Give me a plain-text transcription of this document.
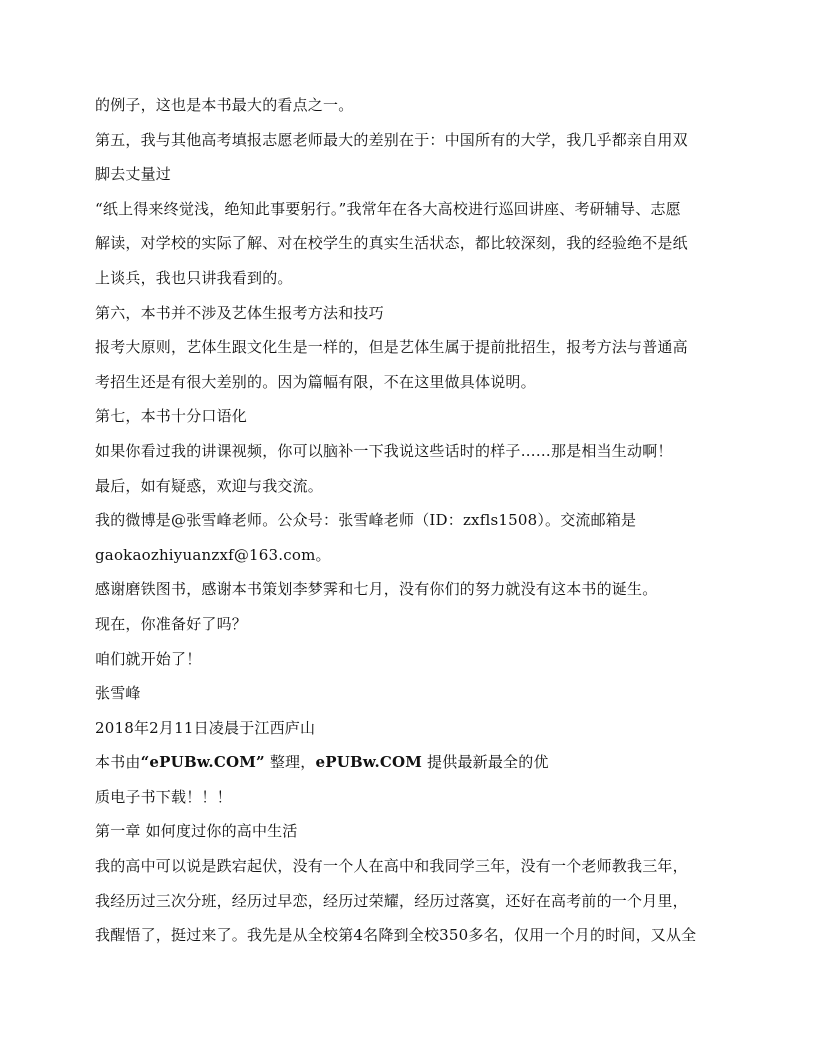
的例子，这也是本书最大的看点之一。
第五，我与其他高考填报志愿老师最大的差别在于：中国所有的大学，我几乎都亲自用双
脚去丈量过
“纸上得来终觉浅，绝知此事要躬行。”我常年在各大高校进行巡回讲座、考研辅导、志愿
解读，对学校的实际了解、对在校学生的真实生活状态，都比较深刻，我的经验绝不是纸
上谈兵，我也只讲我看到的。
第六，本书并不涉及艺体生报考方法和技巧
报考大原则，艺体生跟文化生是一样的，但是艺体生属于提前批招生，报考方法与普通高
考招生还是有很大差别的。因为篇幅有限，不在这里做具体说明。
第七，本书十分口语化
如果你看过我的讲课视频，你可以脑补一下我说这些话时的样子……那是相当生动啊！
最后，如有疑惑，欢迎与我交流。
我的微博是@张雪峰老师。公众号：张雪峰老师（ID：zxfls1508）。交流邮箱是
gaokaozhiyuanzxf@163.com。
感谢磨铁图书，感谢本书策划李梦霁和七月，没有你们的努力就没有这本书的诞生。
现在，你准备好了吗？
咱们就开始了！
张雪峰
2018年2月11日凌晨于江西庐山
本书由“ePUBw.COM” 整理，ePUBw.COM 提供最新最全的优
质电子书下载！！！
第一章 如何度过你的高中生活
我的高中可以说是跌宕起伏，没有一个人在高中和我同学三年，没有一个老师教我三年，
我经历过三次分班，经历过早恋，经历过荣耀，经历过落寞，还好在高考前的一个月里，
我醒悟了，挺过来了。我先是从全校第4名降到全校350多名，仅用一个月的时间，又从全
